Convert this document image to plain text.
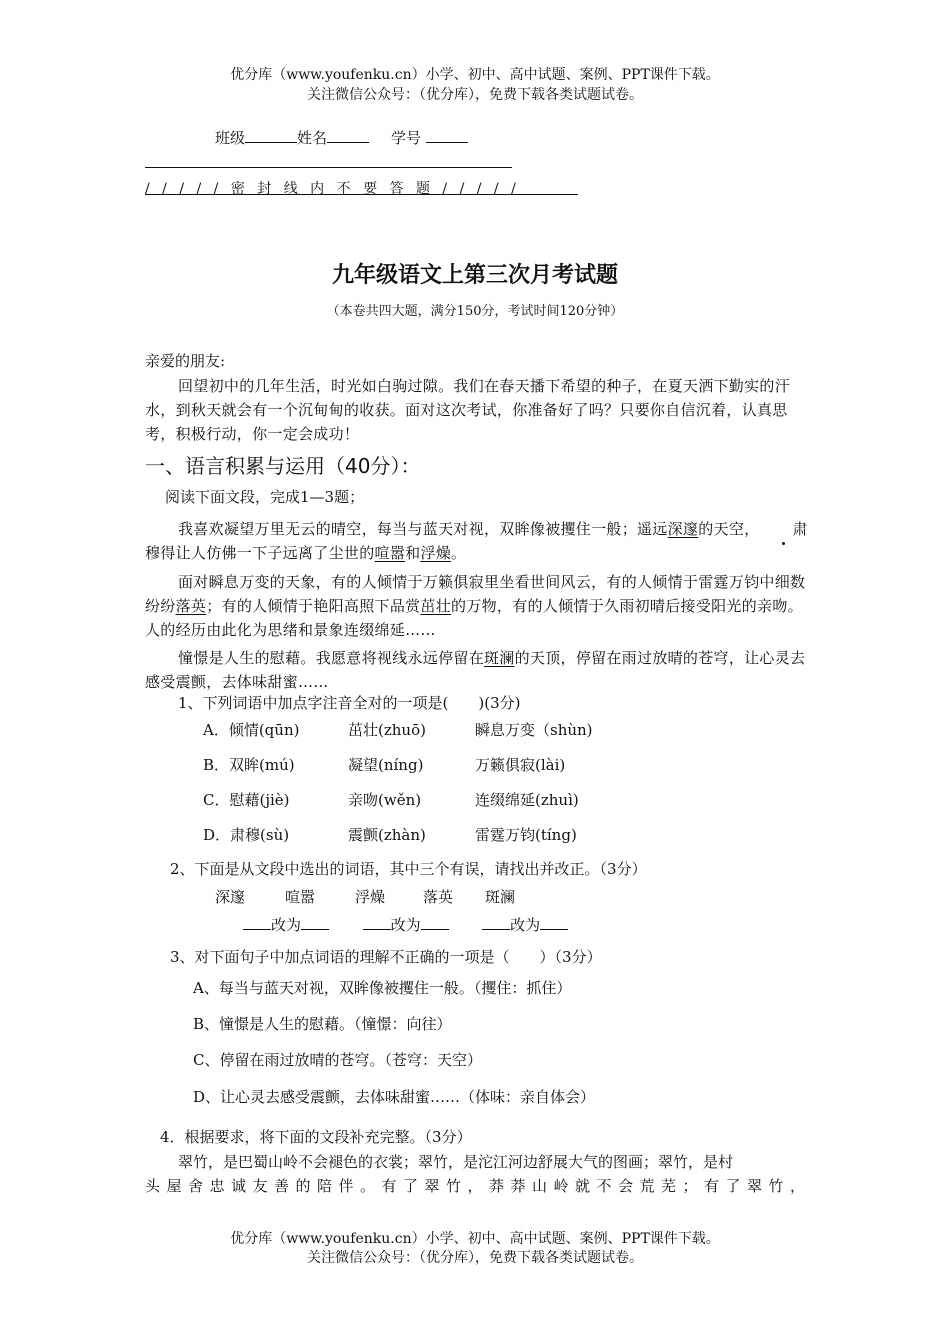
优分库（www.youfenku.cn）小学、初中、高中试题、案例、PPT课件下载。
关注微信公众号：（优分库），免费下载各类试题试卷。
班级	姓名	学号
/ / / / / 密 封 线 内 不 要 答 题 / / / / /
九年级语文上第三次月考试题
（本卷共四大题，满分150分，考试时间120分钟）
亲爱的朋友:
回望初中的几年生活，时光如白驹过隙。我们在春天播下希望的种子，在夏天洒下勤实的汗水，到秋天就会有一个沉甸甸的收获。面对这次考试，你准备好了吗？只要你自信沉着，认真思考，积极行动，你一定会成功！
一、语言积累与运用（40分）：
阅读下面文段，完成1—3题；
我喜欢凝望万里无云的晴空，每当与蓝天对视，双眸像被攫住一般；遥远深邃的天空， 肃穆得让人仿佛一下子远离了尘世的喧嚣和浮燥。
面对瞬息万变的天象，有的人倾情于万籁俱寂里坐看世间风云，有的人倾情于雷霆万钧中细数纷纷落英；有的人倾情于艳阳高照下品赏茁壮的万物，有的人倾情于久雨初晴后接受阳光的亲吻。人的经历由此化为思绪和景象连缀绵延……
憧憬是人生的慰藉。我愿意将视线永远停留在斑澜的天顶，停留在雨过放晴的苍穹，让心灵去感受震颤，去体味甜蜜……
1、下列词语中加点字注音全对的一项是(　　)(3分)
A．倾情(qūn)	茁壮(zhuō)	瞬息万变（shùn)
B．双眸(mú)	凝望(níng)	万籁俱寂(lài)
C．慰藉(jiè)	亲吻(wěn)	连缀绵延(zhuì)
D．肃穆(sù)	震颤(zhàn)	雷霆万钧(tíng)
2、下面是从文段中选出的词语，其中三个有误，请找出并改正。（3分）
深邃	喧嚣	浮燥	落英 斑澜
改为	改为	改为
3、对下面句子中加点词语的理解不正确的一项是（　　）（3分）
A、每当与蓝天对视，双眸像被攫住一般。（攫住：抓住）
B、憧憬是人生的慰藉。（憧憬：向往）
C、停留在雨过放晴的苍穹。（苍穹：天空）
D、让心灵去感受震颤，去体味甜蜜……（体味：亲自体会）
4．根据要求，将下面的文段补充完整。（3分）
翠竹，是巴蜀山岭不会褪色的衣裳；翠竹，是沱江河边舒展大气的图画；翠竹，是村
头屋舍忠诚友善的陪伴。有了翠竹，莽莽山岭就不会荒芜；有了翠竹，
优分库（www.youfenku.cn）小学、初中、高中试题、案例、PPT课件下载。
关注微信公众号：（优分库），免费下载各类试题试卷。
